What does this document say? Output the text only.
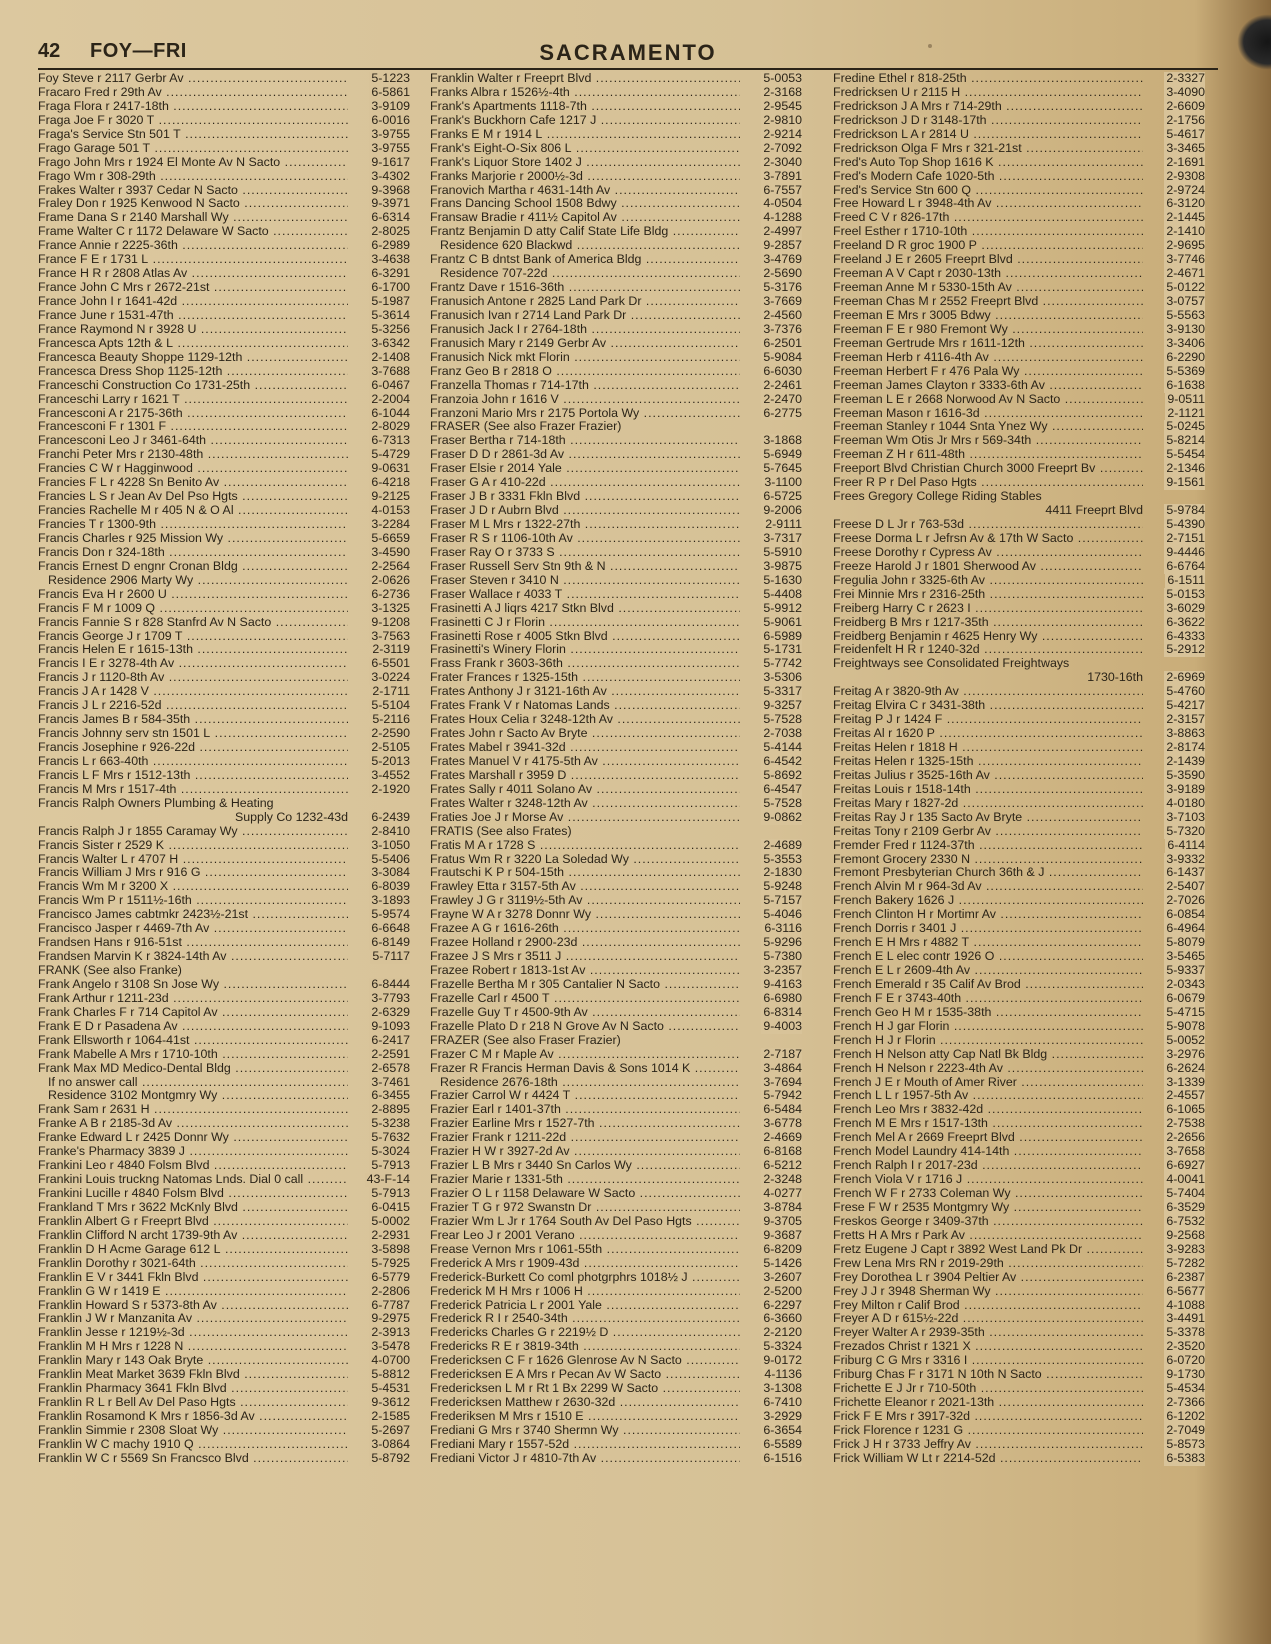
42 FOY—FRI	SACRAMENTO
Foy Steve r 2117 Gerbr Av .....	5-1223
Fracaro Fred r 29th Av .....	6-5861
Fraga Flora r 2417-18th .....	3-9109
Fraga Joe F r 3020 T .....	6-0016
Fraga's Service Stn 501 T .....	3-9755
Frago Garage 501 T .....	3-9755
Frago John Mrs r 1924 El Monte Av N Sacto .....	9-1617
Frago Wm r 308-29th .....	3-4302
Frakes Walter r 3937 Cedar N Sacto .....	9-3968
Fraley Don r 1925 Kenwood N Sacto .....	9-3971
Frame Dana S r 2140 Marshall Wy .....	6-6314
Frame Walter C r 1172 Delaware W Sacto .....	2-8025
France Annie r 2225-36th .....	6-2989
France F E r 1731 L .....	3-4638
France H R r 2808 Atlas Av .....	6-3291
France John C Mrs r 2672-21st .....	6-1700
France John I r 1641-42d .....	5-1987
France June r 1531-47th .....	5-3614
France Raymond N r 3928 U .....	5-3256
Francesca Apts 12th & L .....	3-6342
Francesca Beauty Shoppe 1129-12th .....	2-1408
Francesca Dress Shop 1125-12th .....	3-7688
Franceschi Construction Co 1731-25th .....	6-0467
Franceschi Larry r 1621 T .....	2-2004
Francesconi A r 2175-36th .....	6-1044
Francesconi F r 1301 F .....	2-8029
Francesconi Leo J r 3461-64th .....	6-7313
Franchi Peter Mrs r 2130-48th .....	5-4729
Francies C W r Hagginwood .....	9-0631
Francies F L r 4228 Sn Benito Av .....	6-4218
Francies L S r Jean Av Del Pso Hgts .....	9-2125
Francies Rachelle M r 405 N & O Al .....	4-0153
Francies T r 1300-9th .....	3-2284
Francis Charles r 925 Mission Wy .....	5-6659
Francis Don r 324-18th .....	3-4590
Francis Ernest D engnr Cronan Bldg .....	2-2564
Residence 2906 Marty Wy .....	2-0626
Francis Eva H r 2600 U .....	6-2736
Francis F M r 1009 Q .....	3-1325
Francis Fannie S r 828 Stanfrd Av N Sacto .....	9-1208
Francis George J r 1709 T .....	3-7563
Francis Helen E r 1615-13th .....	2-3119
Francis I E r 3278-4th Av .....	6-5501
Francis J r 1120-8th Av .....	3-0224
Francis J A r 1428 V .....	2-1711
Francis J L r 2216-52d .....	5-5104
Francis James B r 584-35th .....	5-2116
Francis Johnny serv stn 1501 L .....	2-2590
Francis Josephine r 926-22d .....	2-5105
Francis L r 663-40th .....	5-2013
Francis L F Mrs r 1512-13th .....	3-4552
Francis M Mrs r 1517-4th .....	2-1920
Francis Ralph Owners Plumbing & Heating
Supply Co 1232-43d 6-2439
Francis Ralph J r 1855 Caramay Wy .....	2-8410
Francis Sister r 2529 K .....	3-1050
Francis Walter L r 4707 H .....	5-5406
Francis William J Mrs r 916 G .....	3-3084
Francis Wm M r 3200 X .....	6-8039
Francis Wm P r 1511½-16th .....	3-1893
Francisco James cabtmkr 2423½-21st .....	5-9574
Francisco Jasper r 4469-7th Av .....	6-6648
Frandsen Hans r 916-51st .....	6-8149
Frandsen Marvin K r 3824-14th Av .....	5-7117
FRANK (See also Franke)
Frank Angelo r 3108 Sn Jose Wy .....	6-8444
Frank Arthur r 1211-23d .....	3-7793
Frank Charles F r 714 Capitol Av .....	2-6329
Frank E D r Pasadena Av .....	9-1093
Frank Ellsworth r 1064-41st .....	6-2417
Frank Mabelle A Mrs r 1710-10th .....	2-2591
Frank Max MD Medico-Dental Bldg .....	2-6578
If no answer call .....	3-7461
Residence 3102 Montgmry Wy .....	6-3455
Frank Sam r 2631 H .....	2-8895
Franke A B r 2185-3d Av .....	5-3238
Franke Edward L r 2425 Donnr Wy .....	5-7632
Franke's Pharmacy 3839 J .....	5-3024
Frankini Leo r 4840 Folsm Blvd .....	5-7913
Frankini Louis truckng Natomas Lnds. Dial 0 call .....	43-F-14
Frankini Lucille r 4840 Folsm Blvd .....	5-7913
Frankland T Mrs r 3622 McKnly Blvd .....	6-0415
Franklin Albert G r Freeprt Blvd .....	5-0002
Franklin Clifford N archt 1739-9th Av .....	2-2931
Franklin D H Acme Garage 612 L .....	3-5898
Franklin Dorothy r 3021-64th .....	5-7925
Franklin E V r 3441 Fkln Blvd .....	6-5779
Franklin G W r 1419 E .....	2-2806
Franklin Howard S r 5373-8th Av .....	6-7787
Franklin J W r Manzanita Av .....	9-2975
Franklin Jesse r 1219½-3d .....	2-3913
Franklin M H Mrs r 1228 N .....	3-5478
Franklin Mary r 143 Oak Bryte .....	4-0700
Franklin Meat Market 3639 Fkln Blvd .....	5-8812
Franklin Pharmacy 3641 Fkln Blvd .....	5-4531
Franklin R L r Bell Av Del Paso Hgts .....	9-3612
Franklin Rosamond K Mrs r 1856-3d Av .....	2-1585
Franklin Simmie r 2308 Sloat Wy .....	5-2697
Franklin W C machy 1910 Q .....	3-0864
Franklin W C r 5569 Sn Francsco Blvd .....	5-8792
Franklin Walter r Freeprt Blvd .....	5-0053
Franks Albra r 1526½-4th .....	2-3168
Frank's Apartments 1118-7th .....	2-9545
Frank's Buckhorn Cafe 1217 J .....	2-9810
Franks E M r 1914 L .....	2-9214
Frank's Eight-O-Six 806 L .....	2-7092
Frank's Liquor Store 1402 J .....	2-3040
Franks Marjorie r 2000½-3d .....	3-7891
Franovich Martha r 4631-14th Av .....	6-7557
Frans Dancing School 1508 Bdwy .....	4-0504
Fransaw Bradie r 411½ Capitol Av .....	4-1288
Frantz Benjamin D atty Calif State Life Bldg .....	2-4997
Residence 620 Blackwd .....	9-2857
Frantz C B dntst Bank of America Bldg .....	3-4769
Residence 707-22d .....	2-5690
Frantz Dave r 1516-36th .....	5-3176
Franusich Antone r 2825 Land Park Dr .....	3-7669
Franusich Ivan r 2714 Land Park Dr .....	2-4560
Franusich Jack I r 2764-18th .....	3-7376
Franusich Mary r 2149 Gerbr Av .....	6-2501
Franusich Nick mkt Florin .....	5-9084
Franz Geo B r 2818 O .....	6-6030
Franzella Thomas r 714-17th .....	2-2461
Franzoia John r 1616 V .....	2-2470
Franzoni Mario Mrs r 2175 Portola Wy .....	6-2775
FRASER (See also Frazer Frazier)
Fraser Bertha r 714-18th .....	3-1868
Fraser D D r 2861-3d Av .....	5-6949
Fraser Elsie r 2014 Yale .....	5-7645
Fraser G A r 410-22d .....	3-1100
Fraser J B r 3331 Fkln Blvd .....	6-5725
Fraser J D r Aubrn Blvd .....	9-2006
Fraser M L Mrs r 1322-27th .....	2-9111
Fraser R S r 1106-10th Av .....	3-7317
Fraser Ray O r 3733 S .....	5-5910
Fraser Russell Serv Stn 9th & N .....	3-9875
Fraser Steven r 3410 N .....	5-1630
Fraser Wallace r 4033 T .....	5-4408
Frasinetti A J liqrs 4217 Stkn Blvd .....	5-9912
Frasinetti C J r Florin .....	5-9061
Frasinetti Rose r 4005 Stkn Blvd .....	6-5989
Frasinetti's Winery Florin .....	5-1731
Frass Frank r 3603-36th .....	5-7742
Frater Frances r 1325-15th .....	3-5306
Frates Anthony J r 3121-16th Av .....	5-3317
Frates Frank V r Natomas Lands .....	9-3257
Frates Houx Celia r 3248-12th Av .....	5-7528
Frates John r Sacto Av Bryte .....	2-7038
Frates Mabel r 3941-32d .....	5-4144
Frates Manuel V r 4175-5th Av .....	6-4542
Frates Marshall r 3959 D .....	5-8692
Frates Sally r 4011 Solano Av .....	6-4547
Frates Walter r 3248-12th Av .....	5-7528
Fraties Joe J r Morse Av .....	9-0862
FRATIS (See also Frates)
Fratis M A r 1728 S .....	2-4689
Fratus Wm R r 3220 La Soledad Wy .....	5-3553
Frautschi K P r 504-15th .....	2-1830
Frawley Etta r 3157-5th Av .....	5-9248
Frawley J G r 3119½-5th Av .....	5-7157
Frayne W A r 3278 Donnr Wy .....	5-4046
Frazee A G r 1616-26th .....	6-3116
Frazee Holland r 2900-23d .....	5-9296
Frazee J S Mrs r 3511 J .....	5-7380
Frazee Robert r 1813-1st Av .....	3-2357
Frazelle Bertha M r 305 Cantalier N Sacto .....	9-4163
Frazelle Carl r 4500 T .....	6-6980
Frazelle Guy T r 4500-9th Av .....	6-8314
Frazelle Plato D r 218 N Grove Av N Sacto .....	9-4003
FRAZER (See also Fraser Frazier)
Frazer C M r Maple Av .....	2-7187
Frazer R Francis Herman Davis & Sons 1014 K .....	3-4864
Residence 2676-18th .....	3-7694
Frazier Carrol W r 4424 T .....	5-7942
Frazier Earl r 1401-37th .....	6-5484
Frazier Earline Mrs r 1527-7th .....	3-6778
Frazier Frank r 1211-22d .....	2-4669
Frazier H W r 3927-2d Av .....	6-8168
Frazier L B Mrs r 3440 Sn Carlos Wy .....	6-5212
Frazier Marie r 1331-5th .....	2-3248
Frazier O L r 1158 Delaware W Sacto .....	4-0277
Frazier T G r 972 Swanstn Dr .....	3-8784
Frazier Wm L Jr r 1764 South Av Del Paso Hgts .....	9-3705
Frear Leo J r 2001 Verano .....	9-3687
Frease Vernon Mrs r 1061-55th .....	6-8209
Frederick A Mrs r 1909-43d .....	5-1426
Frederick-Burkett Co coml photgrphrs 1018½ J .....	3-2607
Frederick M H Mrs r 1006 H .....	2-5200
Frederick Patricia L r 2001 Yale .....	6-2297
Frederick R I r 2540-34th .....	6-3660
Fredericks Charles G r 2219½ D .....	2-2120
Fredericks R E r 3819-34th .....	5-3324
Fredericksen C F r 1626 Glenrose Av N Sacto .....	9-0172
Fredericksen E A Mrs r Pecan Av W Sacto .....	4-1136
Fredericksen L M r Rt 1 Bx 2299 W Sacto .....	3-1308
Fredericksen Matthew r 2630-32d .....	6-7410
Frederiksen M Mrs r 1510 E .....	3-2929
Frediani G Mrs r 3740 Shermn Wy .....	6-3654
Frediani Mary r 1557-52d .....	6-5589
Frediani Victor J r 4810-7th Av .....	6-1516
Fredine Ethel r 818-25th .....	2-3327
Fredricksen U r 2115 H .....	3-4090
Fredrickson J A Mrs r 714-29th .....	2-6609
Fredrickson J D r 3148-17th .....	2-1756
Fredrickson L A r 2814 U .....	5-4617
Fredrickson Olga F Mrs r 321-21st .....	3-3465
Fred's Auto Top Shop 1616 K .....	2-1691
Fred's Modern Cafe 1020-5th .....	2-9308
Fred's Service Stn 600 Q .....	2-9724
Free Howard L r 3948-4th Av .....	6-3120
Freed C V r 826-17th .....	2-1445
Freel Esther r 1710-10th .....	2-1410
Freeland D R groc 1900 P .....	2-9695
Freeland J E r 2605 Freeprt Blvd .....	3-7746
Freeman A V Capt r 2030-13th .....	2-4671
Freeman Anne M r 5330-15th Av .....	5-0122
Freeman Chas M r 2552 Freeprt Blvd .....	3-0757
Freeman E Mrs r 3005 Bdwy .....	5-5563
Freeman F E r 980 Fremont Wy .....	3-9130
Freeman Gertrude Mrs r 1611-12th .....	3-3406
Freeman Herb r 4116-4th Av .....	6-2290
Freeman Herbert F r 476 Pala Wy .....	5-5369
Freeman James Clayton r 3333-6th Av .....	6-1638
Freeman L E r 2668 Norwood Av N Sacto .....	9-0511
Freeman Mason r 1616-3d .....	2-1121
Freeman Stanley r 1044 Snta Ynez Wy .....	5-0245
Freeman Wm Otis Jr Mrs r 569-34th .....	5-8214
Freeman Z H r 611-48th .....	5-5454
Freeport Blvd Christian Church 3000 Freeprt Bv .....	2-1346
Freer R P r Del Paso Hgts .....	9-1561
Frees Gregory College Riding Stables
4411 Freeprt Blvd 5-9784
Freese D L Jr r 763-53d .....	5-4390
Freese Dorma L r Jefrsn Av & 17th W Sacto .....	2-7151
Freese Dorothy r Cypress Av .....	9-4446
Freeze Harold J r 1801 Sherwood Av .....	6-6764
Fregulia John r 3325-6th Av .....	6-1511
Frei Minnie Mrs r 2316-25th .....	5-0153
Freiberg Harry C r 2623 I .....	3-6029
Freidberg B Mrs r 1217-35th .....	6-3622
Freidberg Benjamin r 4625 Henry Wy .....	6-4333
Freidenfelt H R r 1240-32d .....	5-2912
Freightways see Consolidated Freightways
1730-16th 2-6969
Freitag A r 3820-9th Av .....	5-4760
Freitag Elvira C r 3431-38th .....	5-4217
Freitag P J r 1424 F .....	2-3157
Freitas Al r 1620 P .....	3-8863
Freitas Helen r 1818 H .....	2-8174
Freitas Helen r 1325-15th .....	2-1439
Freitas Julius r 3525-16th Av .....	5-3590
Freitas Louis r 1518-14th .....	3-9189
Freitas Mary r 1827-2d .....	4-0180
Freitas Ray J r 135 Sacto Av Bryte .....	3-7103
Freitas Tony r 2109 Gerbr Av .....	5-7320
Fremder Fred r 1124-37th .....	6-4114
Fremont Grocery 2330 N .....	3-9332
Fremont Presbyterian Church 36th & J .....	6-1437
French Alvin M r 964-3d Av .....	2-5407
French Bakery 1626 J .....	2-7026
French Clinton H r Mortimr Av .....	6-0854
French Dorris r 3401 J .....	6-4964
French E H Mrs r 4882 T .....	5-8079
French E L elec contr 1926 O .....	3-5465
French E L r 2609-4th Av .....	5-9337
French Emerald r 35 Calif Av Brod .....	2-0343
French F E r 3743-40th .....	6-0679
French Geo H M r 1535-38th .....	5-4715
French H J gar Florin .....	5-9078
French H J r Florin .....	5-0052
French H Nelson atty Cap Natl Bk Bldg .....	3-2976
French H Nelson r 2223-4th Av .....	6-2624
French J E r Mouth of Amer River .....	3-1339
French L L r 1957-5th Av .....	2-4557
French Leo Mrs r 3832-42d .....	6-1065
French M E Mrs r 1517-13th .....	2-7538
French Mel A r 2669 Freeprt Blvd .....	2-2656
French Model Laundry 414-14th .....	3-7658
French Ralph I r 2017-23d .....	6-6927
French Viola V r 1716 J .....	4-0041
French W F r 2733 Coleman Wy .....	5-7404
Frese F W r 2535 Montgmry Wy .....	6-3529
Freskos George r 3409-37th .....	6-7532
Fretts H A Mrs r Park Av .....	9-2568
Fretz Eugene J Capt r 3892 West Land Pk Dr .....	3-9283
Frew Lena Mrs RN r 2019-29th .....	5-7282
Frey Dorothea L r 3904 Peltier Av .....	6-2387
Frey J J r 3948 Sherman Wy .....	6-5677
Frey Milton r Calif Brod .....	4-1088
Freyer A D r 615½-22d .....	3-4491
Freyer Walter A r 2939-35th .....	5-3378
Frezados Christ r 1321 X .....	2-3520
Friburg C G Mrs r 3316 I .....	6-0720
Friburg Chas F r 3171 N 10th N Sacto .....	9-1730
Frichette E J Jr r 710-50th .....	5-4534
Frichette Eleanor r 2021-13th .....	2-7366
Frick F E Mrs r 3917-32d .....	6-1202
Frick Florence r 1231 G .....	2-7049
Frick J H r 3733 Jeffry Av .....	5-8573
Frick William W Lt r 2214-52d .....	6-5383
